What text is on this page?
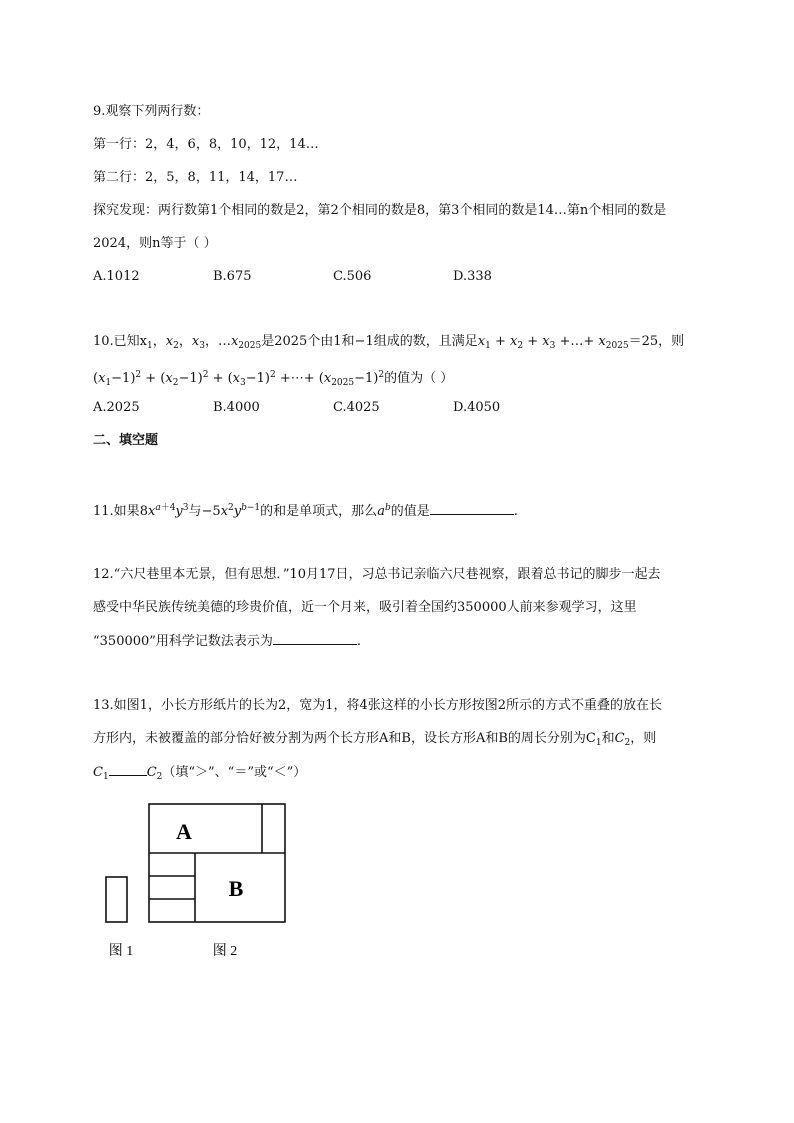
9.观察下列两行数：
第一行：2，4，6，8，10，12，14…
第二行：2，5，8，11，14，17…
探究发现：两行数第1个相同的数是2，第2个相同的数是8，第3个相同的数是14…第n个相同的数是
2024，则n等于（ ）
A.1012	B.675	C.506	D.338
10.已知$x_1$，$x_2$，$x_3$，$\dots x_{2025}$是2025个由1和−1组成的数，且满足$x_1 + x_2 + x_3$ +…+ $x_{2025}=25$，则
$(x_1-1)^2 + (x_2-1)^2 + (x_3-1)^2$ +⋯+ $(x_{2025}-1)^2$的值为（ ）
A.2025	B.4000	C.4025	D.4050
二、填空题
11.如果$8x^{a+4}y^3$与$-5x^2y^{b-1}$的和是单项式，那么$a^b$的值是	.
12.“六尺巷里本无景，但有思想．”10月17日，习总书记亲临六尺巷视察，跟着总书记的脚步一起去
感受中华民族传统美德的珍贵价值，近一个月来，吸引着全国约350000人前来参观学习，这里
“350000”用科学记数法表示为	.
13.如图1，小长方形纸片的长为2，宽为1，将4张这样的小长方形按图2所示的方式不重叠的放在长
方形内，未被覆盖的部分恰好被分割为两个长方形A和B，设长方形A和B的周长分别为$C_1$和$C_2$，则
$C_1$	$C_2$（填“＞”、“＝”或“＜”）
A
B
图 1	图 2
